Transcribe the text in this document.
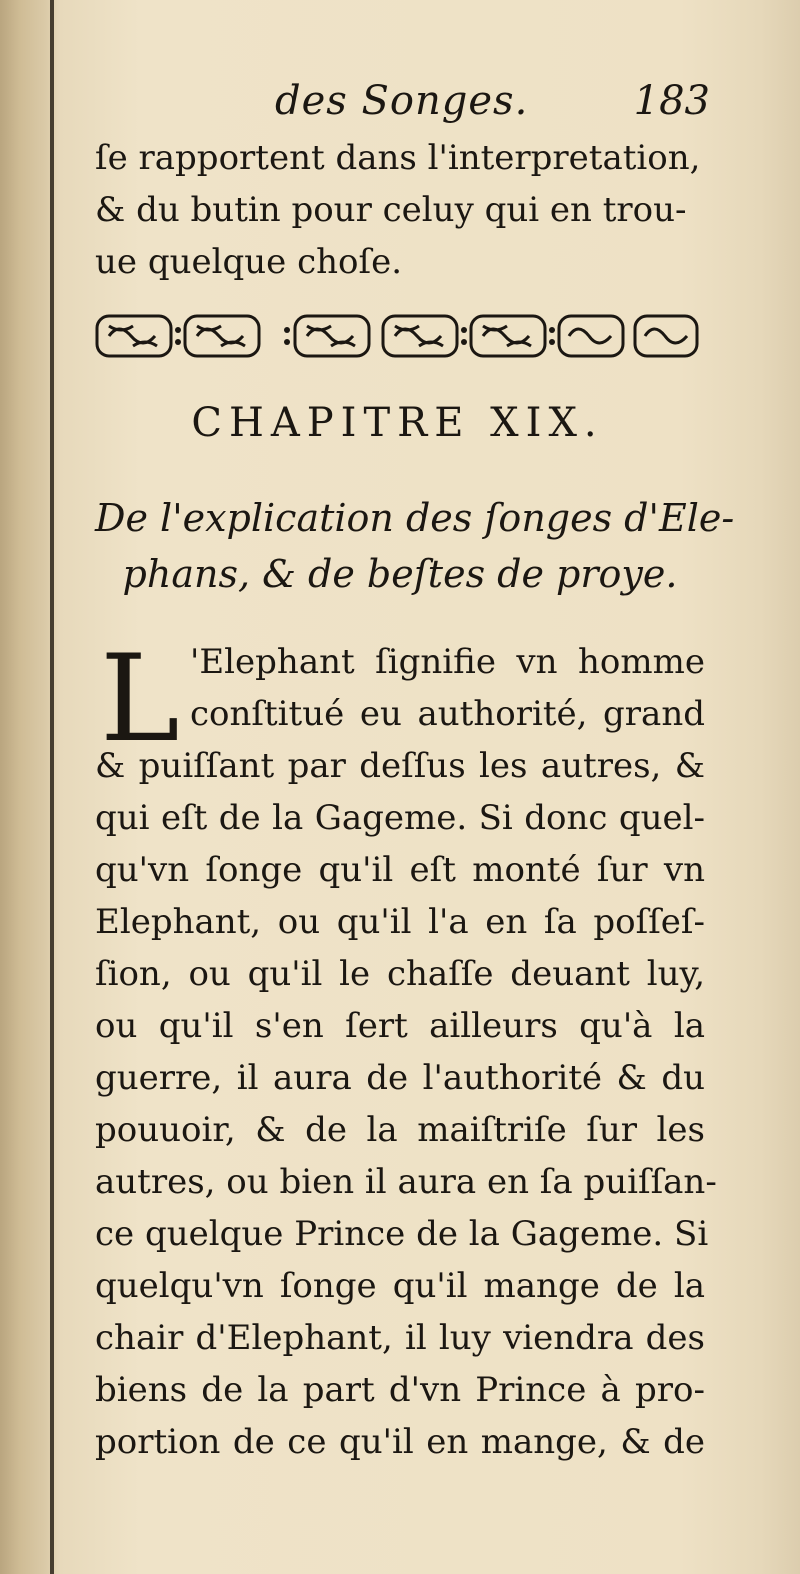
des Songes.	183
ſe rapportent dans l'interpretation,
& du butin pour celuy qui en trou-
ue quelque choſe.
CHAPITRE XIX.
De l'explication des ſonges d'Ele-
phans, & de beſtes de proye.
L 'Elephant ſignifie vn homme
conſtitué eu authorité, grand
& puiſſant par deſſus les autres, &
qui eſt de la Gageme. Si donc quel-
qu'vn ſonge qu'il eſt monté ſur vn
Elephant, ou qu'il l'a en ſa poſſeſ-
ſion, ou qu'il le chaſſe deuant luy,
ou qu'il s'en ſert ailleurs qu'à la
guerre, il aura de l'authorité & du
pouuoir, & de la maiſtriſe ſur les
autres, ou bien il aura en ſa puiſſan-
ce quelque Prince de la Gageme. Si
quelqu'vn ſonge qu'il mange de la
chair d'Elephant, il luy viendra des
biens de la part d'vn Prince à pro-
portion de ce qu'il en mange, & de
